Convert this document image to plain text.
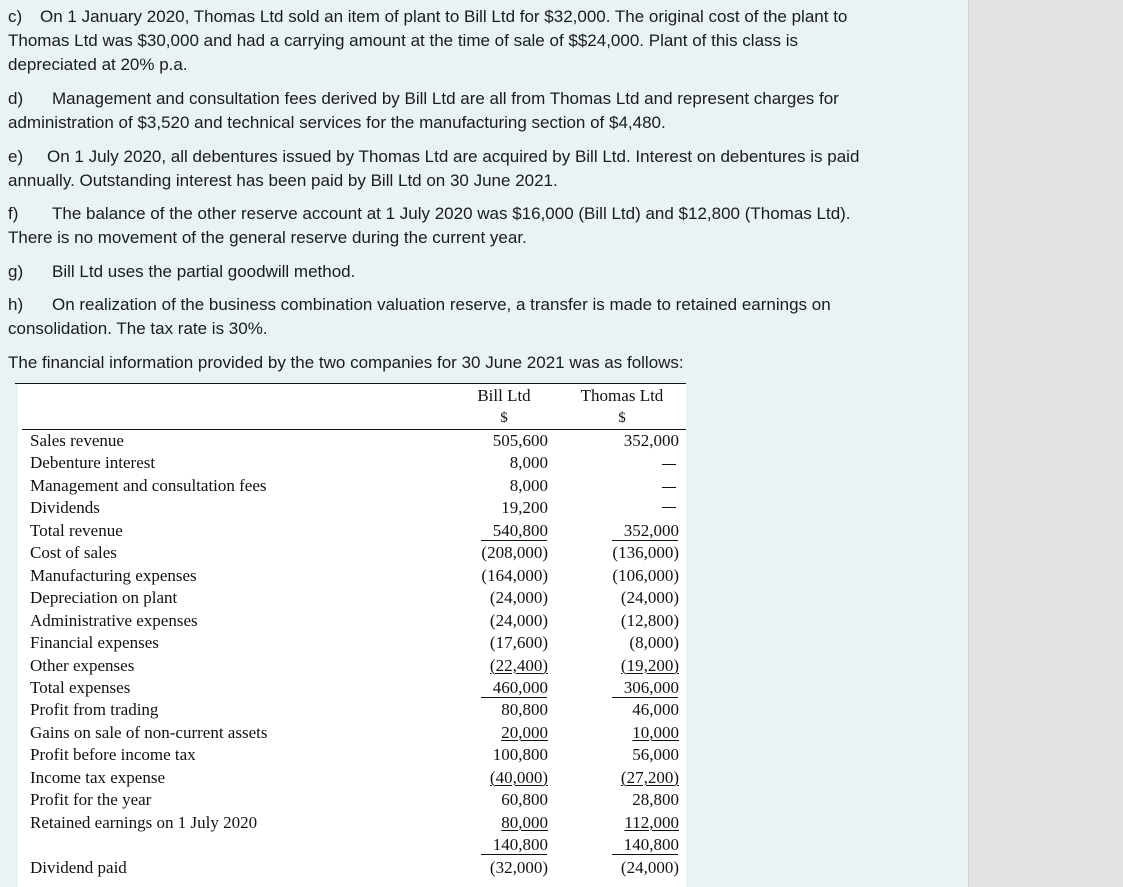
c) On 1 January 2020, Thomas Ltd sold an item of plant to Bill Ltd for $32,000. The original cost of the plant to

Thomas Ltd was $30,000 and had a carrying amount at the time of sale of $$24,000. Plant of this class is

depreciated at 20% p.a.

d) Management and consultation fees derived by Bill Ltd are all from Thomas Ltd and represent charges for

administration of $3,520 and technical services for the manufacturing section of $4,480.

e) On 1 July 2020, all debentures issued by Thomas Ltd are acquired by Bill Ltd. Interest on debentures is paid

annually. Outstanding interest has been paid by Bill Ltd on 30 June 2021.

f) The balance of the other reserve account at 1 July 2020 was $16,000 (Bill Ltd) and $12,800 (Thomas Ltd).

There is no movement of the general reserve during the current year.

g) Bill Ltd uses the partial goodwill method.

h) On realization of the business combination valuation reserve, a transfer is made to retained earnings on

consolidation. The tax rate is 30%.

The financial information provided by the two companies for 30 June 2021 was as follows:

Bill Ltd	Thomas Ltd
$	$
Sales revenue	505,600	352,000
Debenture interest	8,000
Management and consultation fees	8,000
Dividends	19,200
Total revenue	540,800	352,000
Cost of sales	(208,000)	(136,000)
Manufacturing expenses	(164,000)	(106,000)
Depreciation on plant	(24,000)	(24,000)
Administrative expenses	(24,000)	(12,800)
Financial expenses	(17,600)	(8,000)
Other expenses	(22,400)	(19,200)
Total expenses	460,000	306,000
Profit from trading	80,800	46,000
Gains on sale of non-current assets	20,000	10,000
Profit before income tax	100,800	56,000
Income tax expense	(40,000)	(27,200)
Profit for the year	60,800	28,800
Retained earnings on 1 July 2020	80,000	112,000
140,800	140,800
Dividend paid	(32,000)	(24,000)
